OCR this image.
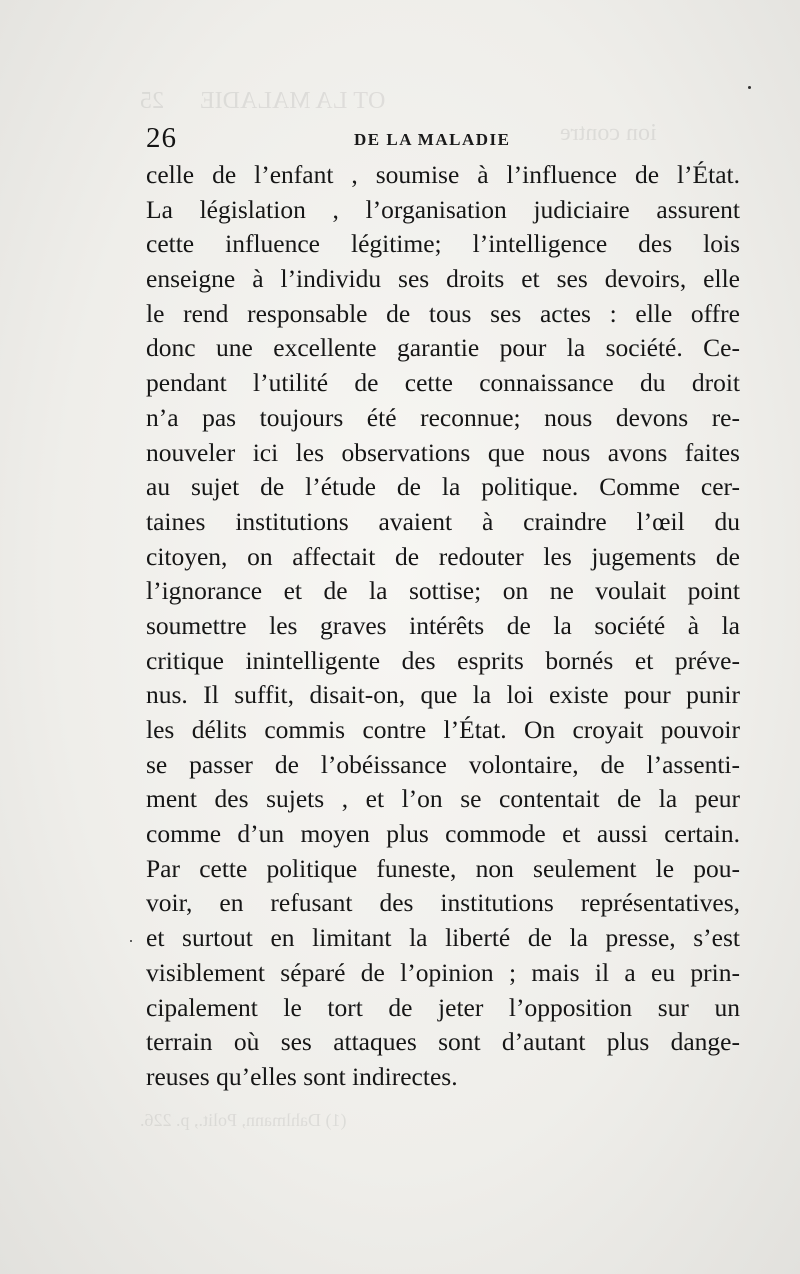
ОТ LA MALADIE      25
ion contre
(1) Dahlmann, Polit., p. 226.
26	DE LA MALADIE
celle de l’enfant , soumise à l’influence de l’État.
La législation , l’organisation judiciaire assurent
cette influence légitime; l’intelligence des lois
enseigne à l’individu ses droits et ses devoirs, elle
le rend responsable de tous ses actes : elle offre
donc une excellente garantie pour la société. Ce-
pendant l’utilité de cette connaissance du droit
n’a pas toujours été reconnue; nous devons re-
nouveler ici les observations que nous avons faites
au sujet de l’étude de la politique. Comme cer-
taines institutions avaient à craindre l’œil du
citoyen, on affectait de redouter les jugements de
l’ignorance et de la sottise; on ne voulait point
soumettre les graves intérêts de la société à la
critique inintelligente des esprits bornés et préve-
nus. Il suffit, disait-on, que la loi existe pour punir
les délits commis contre l’État. On croyait pouvoir
se passer de l’obéissance volontaire, de l’assenti-
ment des sujets , et l’on se contentait de la peur
comme d’un moyen plus commode et aussi certain.
Par cette politique funeste, non seulement le pou-
voir, en refusant des institutions représentatives,
et surtout en limitant la liberté de la presse, s’est
visiblement séparé de l’opinion ; mais il a eu prin-
cipalement le tort de jeter l’opposition sur un
terrain où ses attaques sont d’autant plus dange-
reuses qu’elles sont indirectes.
